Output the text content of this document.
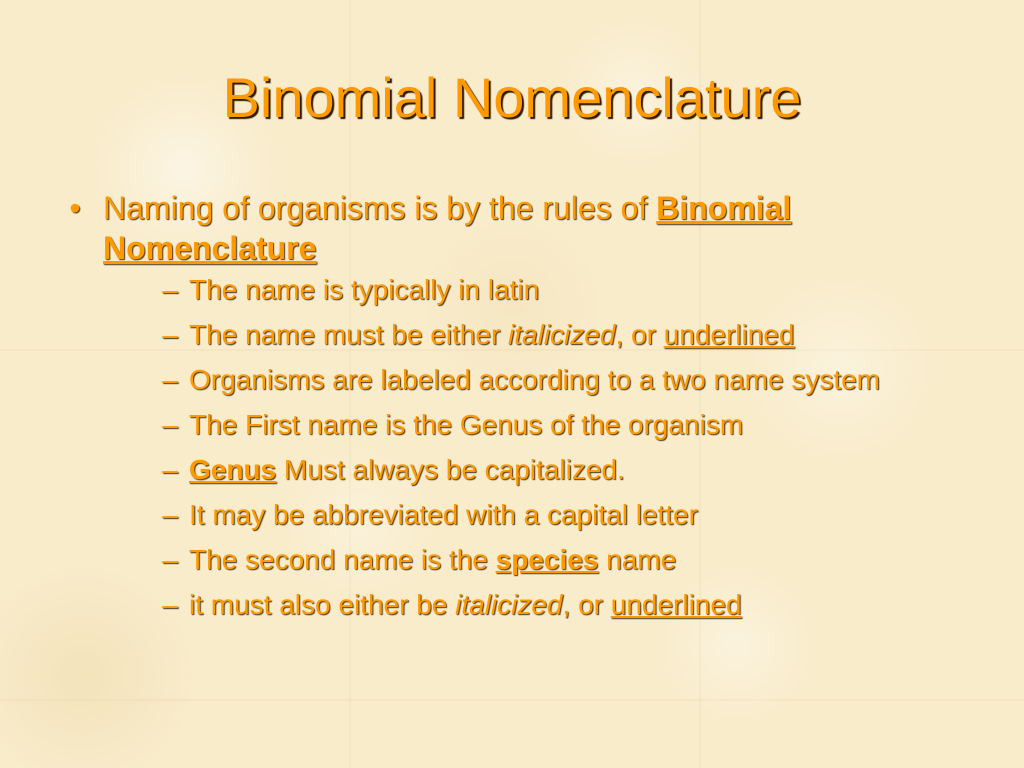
Binomial Nomenclature
• Naming of organisms is by the rules of Binomial Nomenclature
– The name is typically in latin
– The name must be either italicized, or underlined
– Organisms are labeled according to a two name system
– The First name is the Genus of the organism
– Genus Must always be capitalized.
– It may be abbreviated with a capital letter
– The second name is the species name
– it must also either be italicized, or underlined
